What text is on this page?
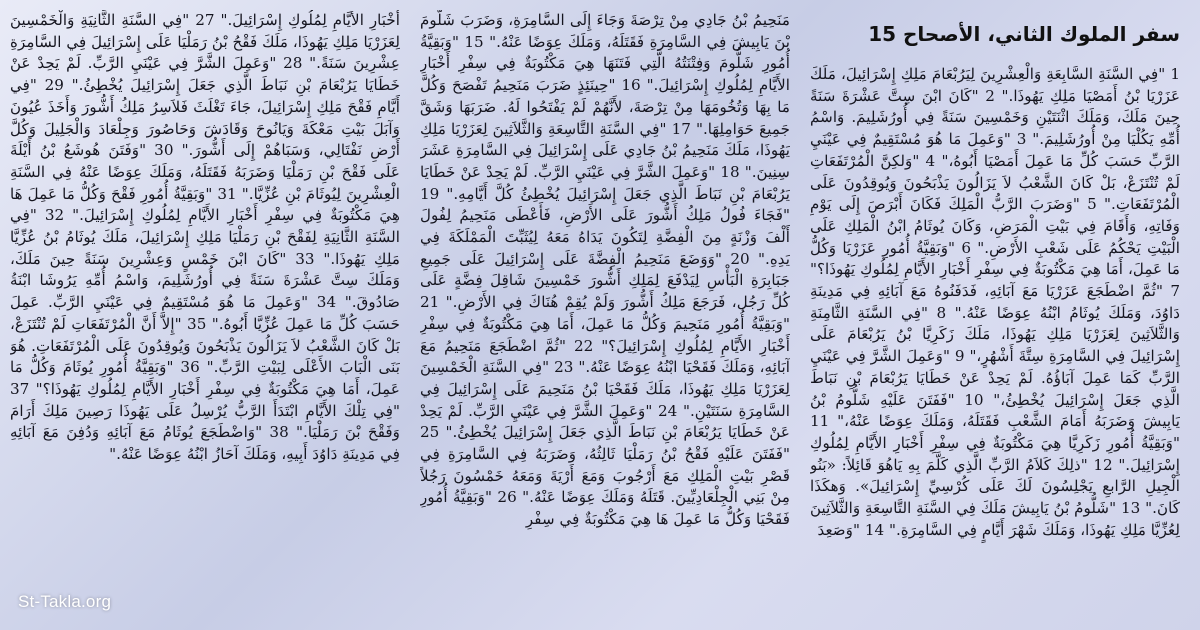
سفر الملوك الثاني، الأصحاح 15
1 "فِي السَّنَةِ السَّابِعَةِ وَالْعِشْرِينَ لِيَرُبْعَامَ مَلِكِ إِسْرَائِيلَ، مَلَكَ عَزَرْيَا بْنُ أَمَصْيَا مَلِكِ يَهُوذَا." 2 "كَانَ ابْنَ سِتَّ عَشْرَةَ سَنَةً حِينَ مَلَكَ، وَمَلَكَ اثْنَتَيْنِ وَخَمْسِينَ سَنَةً فِي أُورُشَلِيمَ. وَاسْمُ أُمِّهِ يَكُلْيَا مِنْ أُورُشَلِيمَ." 3 "وَعَمِلَ مَا هُوَ مُسْتَقِيمٌ فِي عَيْنَيِ الرَّبِّ حَسَبَ كُلِّ مَا عَمِلَ أَمَصْيَا أَبُوهُ،" 4 "وَلكِنَّ الْمُرْتَفَعَاتِ لَمْ تُنْتَزَعْ، بَلْ كَانَ الشَّعْبُ لاَ يَزَالُونَ يَذْبَحُونَ وَيُوقِدُونَ عَلَى الْمُرْتَفَعَاتِ." 5 "وَضَرَبَ الرَّبُّ الْمَلِكَ فَكَانَ أَبْرَصَ إِلَى يَوْمِ وَفَاتِهِ، وَأَقَامَ فِي بَيْتِ الْمَرَضِ، وَكَانَ يُوثَامُ ابْنُ الْمَلِكِ عَلَى الْبَيْتِ يَحْكُمُ عَلَى شَعْبِ الأَرْضِ." 6 "وَبَقِيَّةُ أُمُورِ عَزَرْيَا وَكُلُّ مَا عَمِلَ، أَمَا هِيَ مَكْتُوبَةٌ فِي سِفْرِ أَخْبَارِ الأَيَّامِ لِمُلُوكِ يَهُوذَا؟" 7 "ثُمَّ اضْطَجَعَ عَزَرْيَا مَعَ آبَائِهِ، فَدَفَنُوهُ مَعَ آبَائِهِ فِي مَدِينَةِ دَاوُدَ، وَمَلَكَ يُوثَامُ ابْنُهُ عِوَضًا عَنْهُ." 8 "فِي السَّنَةِ الثَّامِنَةِ وَالثَّلاَثِينَ لِعَزَرْيَا مَلِكِ يَهُوذَا، مَلَكَ زَكَرِيَّا بْنُ يَرُبْعَامَ عَلَى إِسْرَائِيلَ فِي السَّامِرَةِ سِتَّةَ أَشْهُرٍ،" 9 "وَعَمِلَ الشَّرَّ فِي عَيْنَيِ الرَّبِّ كَمَا عَمِلَ آبَاؤُهُ. لَمْ يَحِدْ عَنْ خَطَايَا يَرُبْعَامَ بْنِ نَبَاطَ الَّذِي جَعَلَ إِسْرَائِيلَ يُخْطِئُ،" 10 "فَفَتَنَ عَلَيْهِ شَلُّومُ بْنُ يَابِيشَ وَضَرَبَهُ أَمَامَ الشَّعْبِ فَقَتَلَهُ، وَمَلَكَ عِوَضًا عَنْهُ،" 11 "وَبَقِيَّةُ أُمُورِ زَكَرِيَّا هِيَ مَكْتُوبَةٌ فِي سِفْرِ أَخْبَارِ الأَيَّامِ لِمُلُوكِ إِسْرَائِيلَ." 12 "ذلِكَ كَلاَمُ الرَّبِّ الَّذِي كَلَّمَ بِهِ يَاهُوَ قَائِلاً: «بَنُو الْجِيلِ الرَّابعِ يَجْلِسُونَ لَكَ عَلَى كُرْسِيِّ إِسْرَائِيلَ». وَهكَذَا كَانَ." 13 "شَلُّومُ بْنُ يَابِيشَ مَلَكَ فِي السَّنَةِ التَّاسِعَةِ وَالثَّلاَثِينَ لِعُزِّيَّا مَلِكِ يَهُوذَا، وَمَلَكَ شَهْرَ أَيَّامٍ فِي السَّامِرَةِ." 14 "وَصَعِدَ
مَنَحِيمُ بْنُ جَادِي مِنْ تِرْصَةَ وَجَاءَ إِلَى السَّامِرَةِ، وَضَرَبَ شَلُّومَ بْنَ يَابِيشَ فِي السَّامِرَةِ فَقَتَلَهُ، وَمَلَكَ عِوَضًا عَنْهُ." 15 "وَبَقِيَّةُ أُمُورِ شَلُّومَ وَفِتْنَتُهُ الَّتِي فَتَنَهَا هِيَ مَكْتُوبَةٌ فِي سِفْرِ أَخْبَارِ الأَيَّامِ لِمُلُوكِ إِسْرَائِيلَ." 16 "حِينَئِذٍ ضَرَبَ مَنَحِيمُ تَفْصَحَ وَكُلَّ مَا بِهَا وَتُخُومَهَا مِنْ تِرْصَةَ، لأَنَّهُمْ لَمْ يَفْتَحُوا لَهُ. ضَرَبَهَا وَشَقَّ جَمِيعَ حَوَامِلِهَا." 17 "فِي السَّنَةِ التَّاسِعَةِ وَالثَّلاَثِينَ لِعَزَرْيَا مَلِكِ يَهُوذَا، مَلَكَ مَنَحِيمُ بْنُ جَادِي عَلَى إِسْرَائِيلَ فِي السَّامِرَةِ عَشَرَ سِنِينَ." 18 "وَعَمِلَ الشَّرَّ فِي عَيْنَيِ الرَّبِّ. لَمْ يَحِدْ عَنْ خَطَايَا يَرُبْعَامَ بْنِ نَبَاطَ الَّذِي جَعَلَ إِسْرَائِيلَ يُخْطِئُ كُلَّ أَيَّامِهِ." 19 "فَجَاءَ فُولُ مَلِكُ أَشُّورَ عَلَى الأَرْضِ، فَأَعْطَى مَنَحِيمُ لِفُولَ أَلْفَ وَزْنَةٍ مِنَ الْفِضَّةِ لِتَكُونَ يَدَاهُ مَعَهُ لِيُثَبِّتَ الْمَمْلَكَةَ فِي يَدِهِ." 20 "وَوَضَعَ مَنَحِيمُ الْفِضَّةَ عَلَى إِسْرَائِيلَ عَلَى جَمِيعِ جَبَابِرَةِ الْبَأْسِ لِيَدْفَعَ لِمَلِكِ أَشُّورَ خَمْسِينَ شَاقِلَ فِضَّةٍ عَلَى كُلِّ رَجُل، فَرَجَعَ مَلِكُ أَشُّورَ وَلَمْ يُقِمْ هُنَاكَ فِي الأَرْضِ." 21 "وَبَقِيَّةُ أُمُورِ مَنَحِيمَ وَكُلُّ مَا عَمِلَ، أَمَا هِيَ مَكْتُوبَةٌ فِي سِفْرِ أَخْبَارِ الأَيَّامِ لِمُلُوكِ إِسْرَائِيلَ؟" 22 "ثُمَّ اضْطَجَعَ مَنَحِيمُ مَعَ آبَائِهِ، وَمَلَكَ فَقَحْيَا ابْنُهُ عِوَضًا عَنْهُ." 23 "فِي السَّنَةِ الْخَمْسِينَ لِعَزَرْيَا مَلِكِ يَهُوذَا، مَلَكَ فَقَحْيَا بْنُ مَنَحِيمَ عَلَى إِسْرَائِيلَ فِي السَّامِرَةِ سَنَتَيْنِ." 24 "وَعَمِلَ الشَّرَّ فِي عَيْنَيِ الرَّبِّ. لَمْ يَحِدْ عَنْ خَطَايَا يَرُبْعَامَ بْنِ نَبَاطَ الَّذِي جَعَلَ إِسْرَائِيلَ يُخْطِئُ." 25 "فَفَتَنَ عَلَيْهِ فَقْحُ بْنُ رَمَلْيَا ثَالِثُهُ، وَضَرَبَهُ فِي السَّامِرَةِ فِي قَصْرِ بَيْتِ الْمَلِكِ مَعَ أَرْجُوبَ وَمَعَ أَرْيَةَ وَمَعَهُ خَمْسُونَ رَجُلاً مِنْ بَنِي الْجِلْعَادِيِّينَ. قَتَلَهُ وَمَلَكَ عِوَضًا عَنْهُ." 26 "وَبَقِيَّةُ أُمُورِ فَقَحْيَا وَكُلُّ مَا عَمِلَ هَا هِيَ مَكْتُوبَةٌ فِي سِفْرِ
أَخْبَارِ الأَيَّامِ لِمُلُوكِ إِسْرَائِيلَ." 27 "فِي السَّنَةِ الثَّانِيَةِ وَالْخَمْسِينَ لِعَزَرْيَا مَلِكِ يَهُوذَا، مَلَكَ فَقْحُ بْنُ رَمَلْيَا عَلَى إِسْرَائِيلَ فِي السَّامِرَةِ عِشْرِينَ سَنَةً." 28 "وَعَمِلَ الشَّرَّ فِي عَيْنَيِ الرَّبِّ. لَمْ يَحِدْ عَنْ خَطَايَا يَرُبْعَامَ بْنِ نَبَاطَ الَّذِي جَعَلَ إِسْرَائِيلَ يُخْطِئُ." 29 "فِي أَيَّامِ فَقْحَ مَلِكِ إِسْرَائِيلَ، جَاءَ تَغْلَثَ فَلاَسِرُ مَلِكُ أَشُّورَ وَأَخَذَ عُيُونَ وَآبَلَ بَيْتِ مَعْكَةَ وَيَانُوحَ وَقَادَشَ وَحَاصُورَ وَجِلْعَادَ وَالْجَلِيلَ وَكُلَّ أَرْضِ نَفْتَالِي، وَسَبَاهُمْ إِلَى أَشُّورَ." 30 "وَفَتَنَ هُوشَعُ بْنُ أَيْلَةَ عَلَى فَقْحَ بْنِ رَمَلْيَا وَضَرَبَهُ فَقَتَلَهُ، وَمَلَكَ عِوَضًا عَنْهُ فِي السَّنَةِ الْعِشْرِينَ لِيُوثَامَ بْنِ عُزِّيَّا." 31 "وَبَقِيَّةُ أُمُورِ فَقْحَ وَكُلُّ مَا عَمِلَ هَا هِيَ مَكْتُوبَةٌ فِي سِفْرِ أَخْبَارِ الأَيَّامِ لِمُلُوكِ إِسْرَائِيلَ." 32 "فِي السَّنَةِ الثَّانِيَةِ لِفَقْحَ بْنِ رَمَلْيَا مَلِكِ إِسْرَائِيلَ، مَلَكَ يُوثَامُ بْنُ عُزِّيَّا مَلِكِ يَهُوذَا." 33 "كَانَ ابْنَ خَمْسٍ وَعِشْرِينَ سَنَةً حِينَ مَلَكَ، وَمَلَكَ سِتَّ عَشْرَةَ سَنَةً فِي أُورُشَلِيمَ، وَاسْمُ أُمِّهِ يَرُوشَا ابْنَةُ صَادُوقَ." 34 "وَعَمِلَ مَا هُوَ مُسْتَقِيمٌ فِي عَيْنَيِ الرَّبِّ. عَمِلَ حَسَبَ كُلِّ مَا عَمِلَ عُزِّيَّا أَبُوهُ." 35 "إِلاَّ أَنَّ الْمُرْتَفَعَاتِ لَمْ تُنْتَزَعْ، بَلْ كَانَ الشَّعْبُ لاَ يَزَالُونَ يَذْبَحُونَ وَيُوقِدُونَ عَلَى الْمُرْتَفَعَاتِ. هُوَ بَنَى الْبَابَ الأَعْلَى لِبَيْتِ الرَّبِّ." 36 "وَبَقِيَّةُ أُمُورِ يُوثَامَ وَكُلُّ مَا عَمِلَ، أَمَا هِيَ مَكْتُوبَةٌ فِي سِفْرِ أَخْبَارِ الأَيَّامِ لِمُلُوكِ يَهُوذَا؟" 37 "فِي تِلْكَ الأَيَّامِ ابْتَدَأَ الرَّبُّ يُرْسِلُ عَلَى يَهُوذَا رَصِينَ مَلِكَ أَرَامَ وَفَقْحَ بْنَ رَمَلْيَا." 38 "وَاضْطَجَعَ يُوثَامُ مَعَ آبَائِهِ وَدُفِنَ مَعَ آبَائِهِ فِي مَدِينَةِ دَاوُدَ أَبِيهِ، وَمَلَكَ آحَازُ ابْنُهُ عِوَضًا عَنْهُ."
St-Takla.org
